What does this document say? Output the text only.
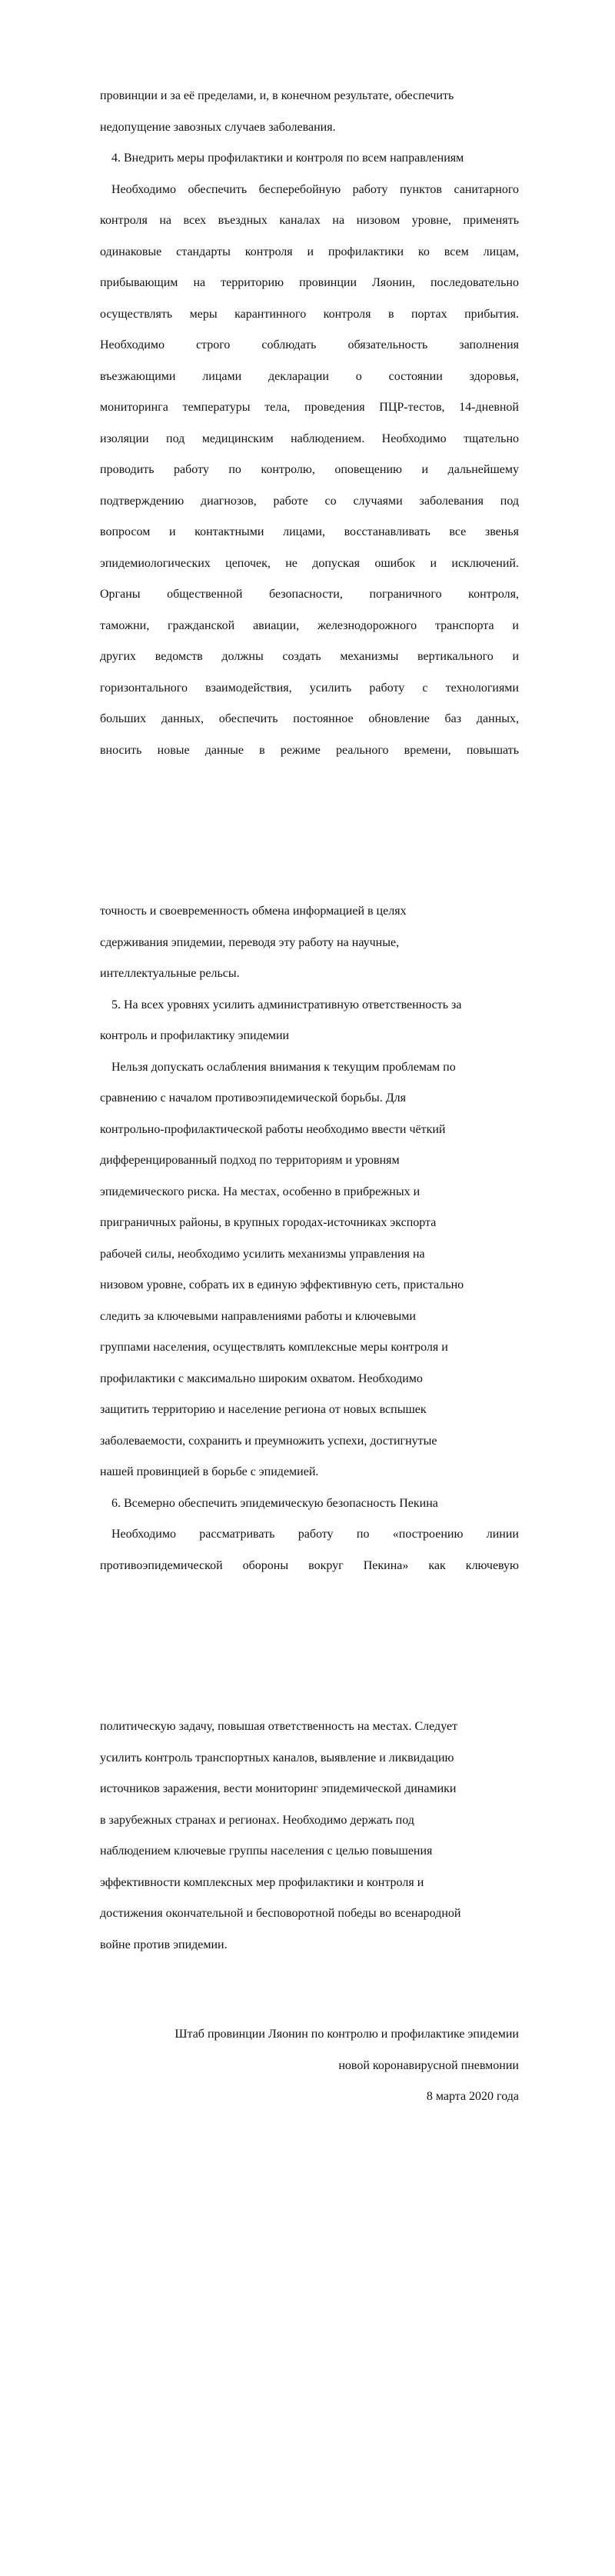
провинции и за её пределами, и, в конечном результате, обеспечить
недопущение завозных случаев заболевания.

4. Внедрить меры профилактики и контроля по всем направлениям

Необходимо обеспечить бесперебойную работу пунктов санитарного
контроля на всех въездных каналах на низовом уровне, применять
одинаковые стандарты контроля и профилактики ко всем лицам,
прибывающим на территорию провинции Ляонин, последовательно
осуществлять меры карантинного контроля в портах прибытия.
Необходимо строго соблюдать обязательность заполнения
въезжающими лицами декларации о состоянии здоровья,
мониторинга температуры тела, проведения ПЦР-тестов, 14-дневной
изоляции под медицинским наблюдением. Необходимо тщательно
проводить работу по контролю, оповещению и дальнейшему
подтверждению диагнозов, работе со случаями заболевания под
вопросом и контактными лицами, восстанавливать все звенья
эпидемиологических цепочек, не допуская ошибок и исключений.
Органы общественной безопасности, пограничного контроля,
таможни, гражданской авиации, железнодорожного транспорта и
других ведомств должны создать механизмы вертикального и
горизонтального взаимодействия, усилить работу с технологиями
больших данных, обеспечить постоянное обновление баз данных,
вносить новые данные в режиме реального времени, повышать

точность и своевременность обмена информацией в целях
сдерживания эпидемии, переводя эту работу на научные,
интеллектуальные рельсы.

5. На всех уровнях усилить административную ответственность за
контроль и профилактику эпидемии

Нельзя допускать ослабления внимания к текущим проблемам по
сравнению с началом противоэпидемической борьбы. Для
контрольно-профилактической работы необходимо ввести чёткий
дифференцированный подход по территориям и уровням
эпидемического риска. На местах, особенно в прибрежных и
приграничных районы, в крупных городах-источниках экспорта
рабочей силы, необходимо усилить механизмы управления на
низовом уровне, собрать их в единую эффективную сеть, пристально
следить за ключевыми направлениями работы и ключевыми
группами населения, осуществлять комплексные меры контроля и
профилактики с максимально широким охватом. Необходимо
защитить территорию и население региона от новых вспышек
заболеваемости, сохранить и преумножить успехи, достигнутые
нашей провинцией в борьбе с эпидемией.

6. Всемерно обеспечить эпидемическую безопасность Пекина

Необходимо рассматривать работу по «построению линии
противоэпидемической обороны вокруг Пекина» как ключевую

политическую задачу, повышая ответственность на местах. Следует
усилить контроль транспортных каналов, выявление и ликвидацию
источников заражения, вести мониторинг эпидемической динамики
в зарубежных странах и регионах. Необходимо держать под
наблюдением ключевые группы населения с целью повышения
эффективности комплексных мер профилактики и контроля и
достижения окончательной и бесповоротной победы во всенародной
войне против эпидемии.

Штаб провинции Ляонин по контролю и профилактике эпидемии

новой коронавирусной пневмонии

8 марта 2020 года
